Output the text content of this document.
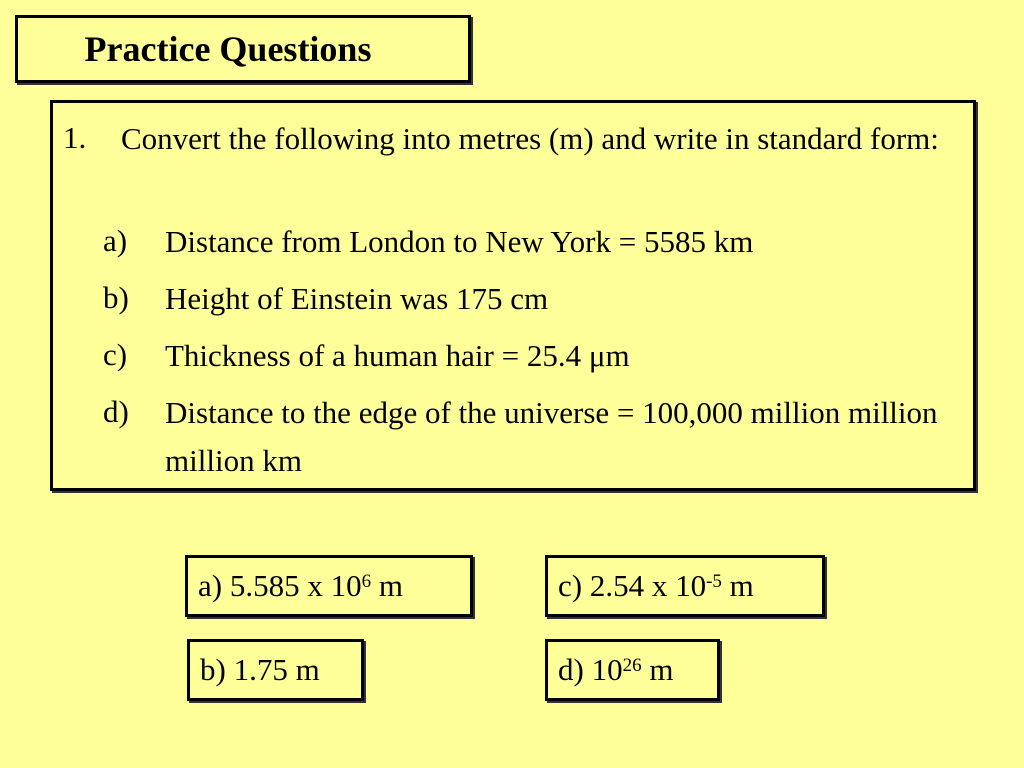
Practice Questions
1. Convert the following into metres (m) and write in standard form:
a) Distance from London to New York = 5585 km
b) Height of Einstein was 175 cm
c) Thickness of a human hair = 25.4 μm
d) Distance to the edge of the universe = 100,000 million million million km
a) 5.585 x $10^6$ m	c) 2.54 x $10^{-5}$ m
b) 1.75 m	d) $10^{26}$ m
